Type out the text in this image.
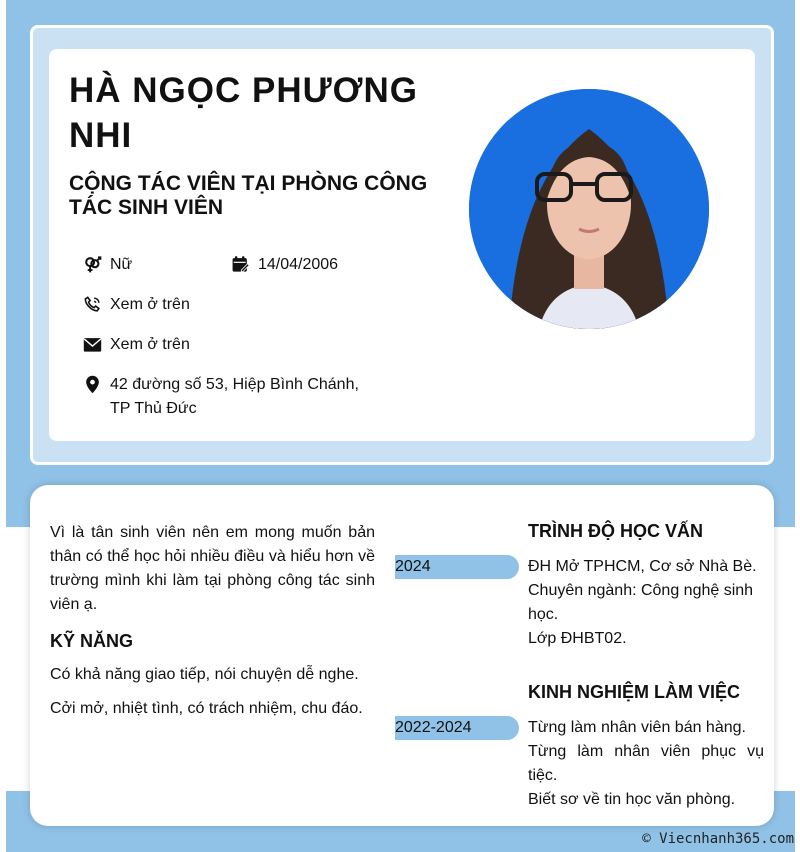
HÀ NGỌC PHƯƠNG NHI
CỘNG TÁC VIÊN TẠI PHÒNG CÔNG TÁC SINH VIÊN
Nữ	14/04/2006
Xem ở trên
Xem ở trên
42 đường số 53, Hiệp Bình Chánh, TP Thủ Đức

Vì là tân sinh viên nên em mong muốn bản thân có thể học hỏi nhiều điều và hiểu hơn về trường mình khi làm tại phòng công tác sinh viên ạ.

KỸ NĂNG

Có khả năng giao tiếp, nói chuyện dễ nghe.

Cởi mở, nhiệt tình, có trách nhiệm, chu đáo.

TRÌNH ĐỘ HỌC VẤN
2024	ĐH Mở TPHCM, Cơ sở Nhà Bè.
Chuyên ngành: Công nghệ sinh học.
Lớp ĐHBT02.
KINH NGHIỆM LÀM VIỆC
2022-2024	Từng làm nhân viên bán hàng.
Từng làm nhân viên phục vụ tiệc.
Biết sơ về tin học văn phòng.
© Viecnhanh365.com
